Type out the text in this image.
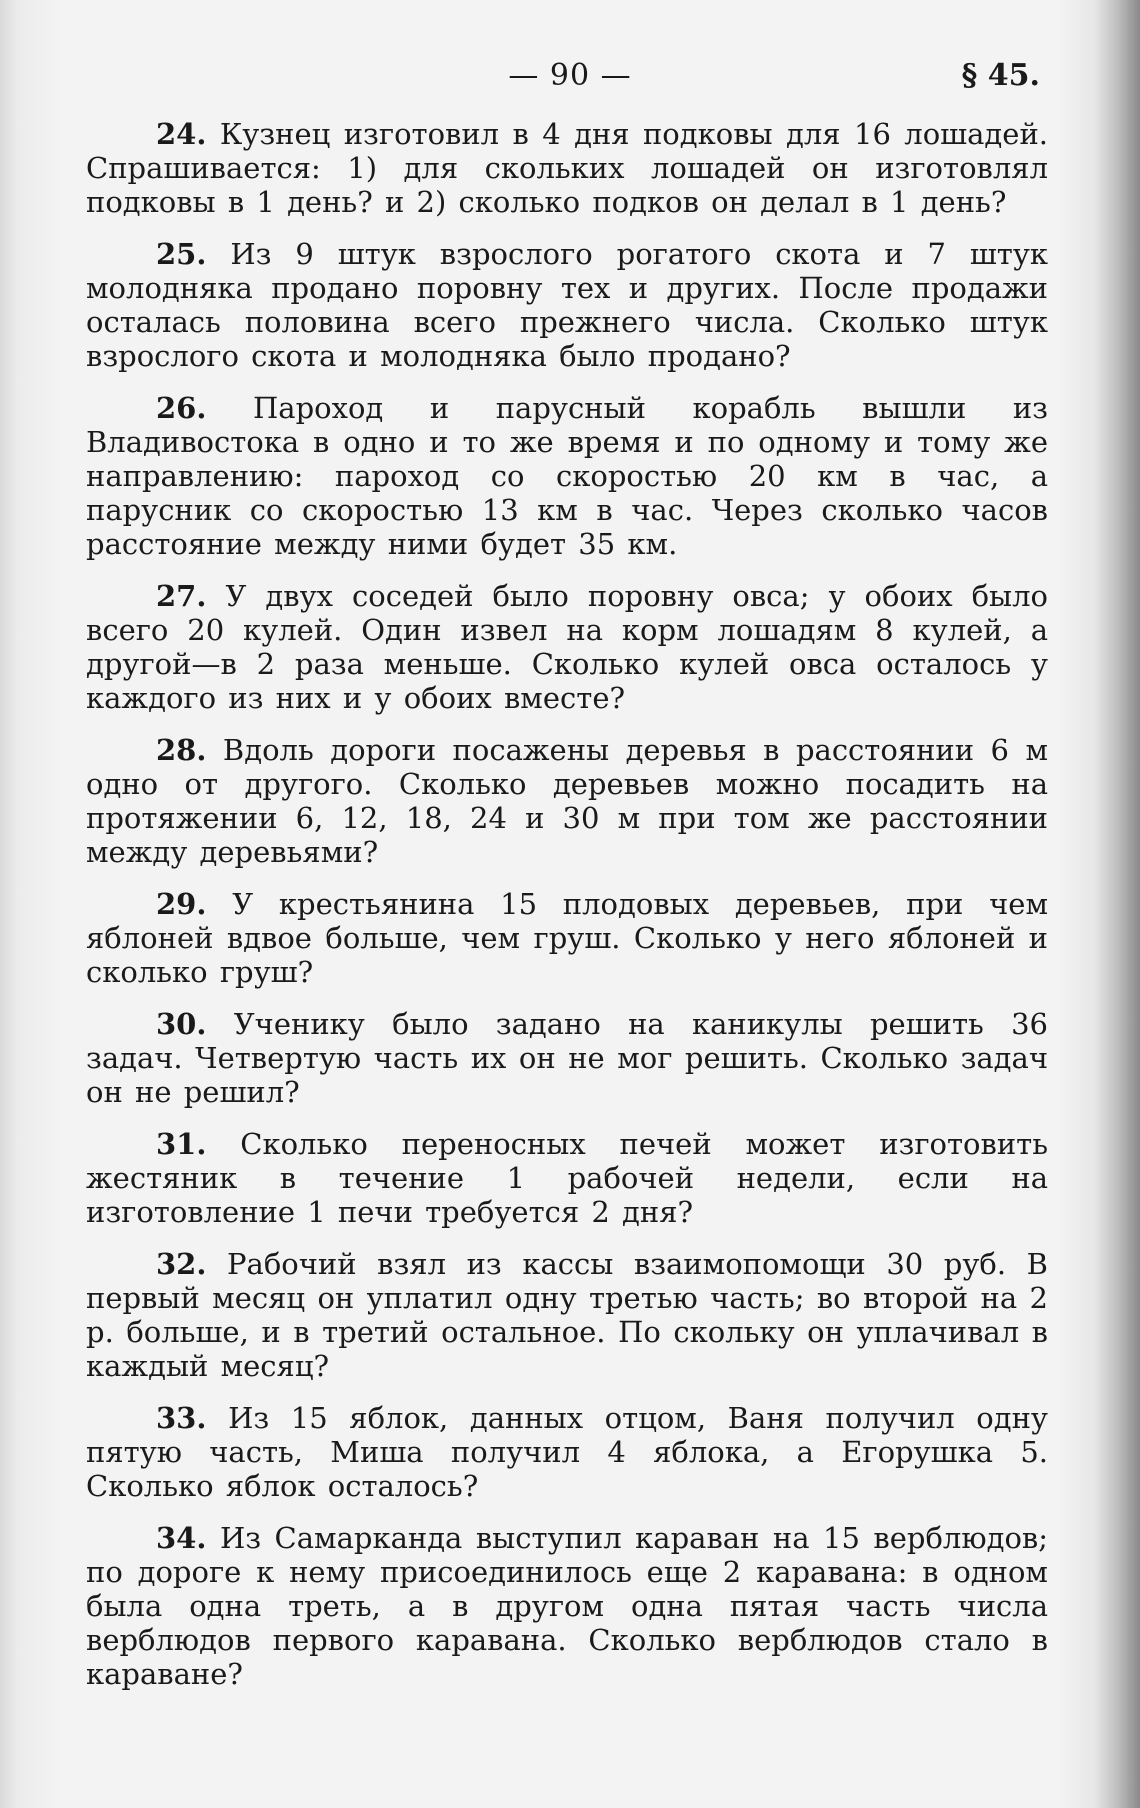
— 90 —	§ 45.

24. Кузнец изготовил в 4 дня подковы для 16 лошадей. Спрашивается: 1) для скольких лошадей он изготовлял подковы в 1 день? и 2) сколько подков он делал в 1 день?

25. Из 9 штук взрослого рогатого скота и 7 штук молодняка продано поровну тех и других. После продажи осталась половина всего прежнего числа. Сколько штук взрослого скота и молодняка было продано?

26. Пароход и парусный корабль вышли из Владивостока в одно и то же время и по одному и тому же направлению: пароход со скоростью 20 км в час, а парусник со скоростью 13 км в час. Через сколько часов расстояние между ними будет 35 км.

27. У двух соседей было поровну овса; у обоих было всего 20 кулей. Один извел на корм лошадям 8 кулей, а другой—в 2 раза меньше. Сколько кулей овса осталось у каждого из них и у обоих вместе?

28. Вдоль дороги посажены деревья в расстоянии 6 м одно от другого. Сколько деревьев можно посадить на протяжении 6, 12, 18, 24 и 30 м при том же расстоянии между деревьями?

29. У крестьянина 15 плодовых деревьев, при чем яблоней вдвое больше, чем груш. Сколько у него яблоней и сколько груш?

30. Ученику было задано на каникулы решить 36 задач. Четвертую часть их он не мог решить. Сколько задач он не решил?

31. Сколько переносных печей может изготовить жестяник в течение 1 рабочей недели, если на изготовление 1 печи требуется 2 дня?

32. Рабочий взял из кассы взаимопомощи 30 руб. В первый месяц он уплатил одну третью часть; во второй на 2 р. больше, и в третий остальное. По скольку он уплачивал в каждый месяц?

33. Из 15 яблок, данных отцом, Ваня получил одну пятую часть, Миша получил 4 яблока, а Егорушка 5. Сколько яблок осталось?

34. Из Самарканда выступил караван на 15 верблюдов; по дороге к нему присоединилось еще 2 каравана: в одном была одна треть, а в другом одна пятая часть числа верблюдов первого каравана. Сколько верблюдов стало в караване?
